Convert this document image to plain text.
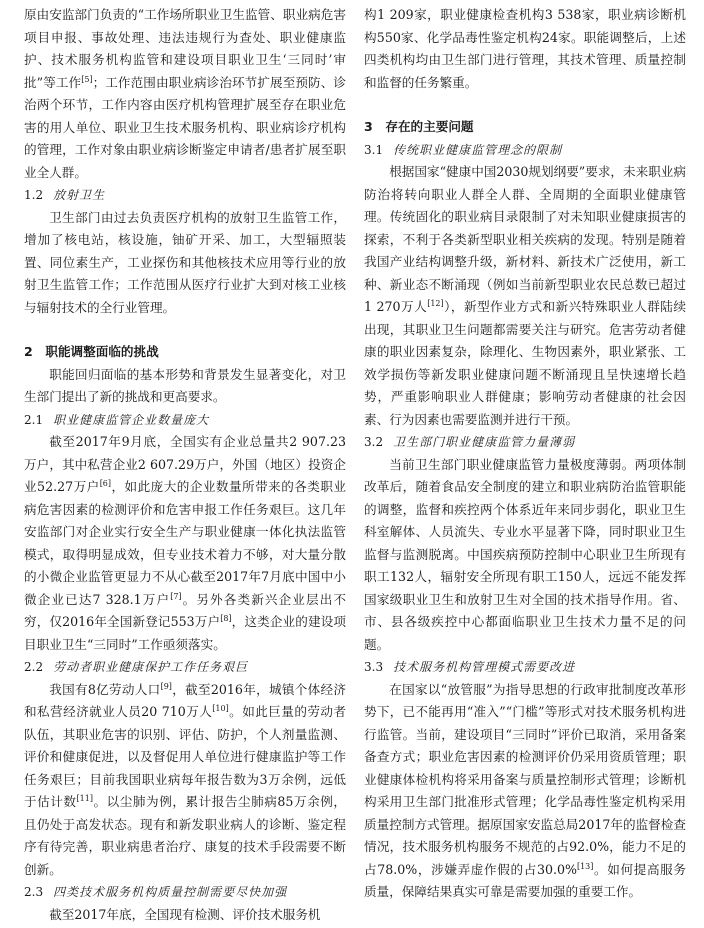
原由安监部门负责的“工作场所职业卫生监管、职业病危害项目申报、事故处理、违法违规行为查处、职业健康监护、技术服务机构监管和建设项目职业卫生‘三同时’审批”等工作[5]；工作范围由职业病诊治环节扩展至预防、诊治两个环节，工作内容由医疗机构管理扩展至存在职业危害的用人单位、职业卫生技术服务机构、职业病诊疗机构的管理，工作对象由职业病诊断鉴定申请者/患者扩展至职业全人群。

1.2 放射卫生

卫生部门由过去负责医疗机构的放射卫生监管工作，增加了核电站，核设施，铀矿开采、加工，大型辐照装置、同位素生产，工业探伤和其他核技术应用等行业的放射卫生监管工作；工作范围从医疗行业扩大到对核工业核与辐射技术的全行业管理。

2　职能调整面临的挑战

职能回归面临的基本形势和背景发生显著变化，对卫生部门提出了新的挑战和更高要求。

2.1 职业健康监管企业数量庞大

截至2017年9月底，全国实有企业总量共2 907.23万户，其中私营企业2 607.29万户，外国（地区）投资企业52.27万户[6]，如此庞大的企业数量所带来的各类职业病危害因素的检测评价和危害申报工作任务艰巨。这几年安监部门对企业实行安全生产与职业健康一体化执法监管模式，取得明显成效，但专业技术着力不够，对大量分散的小微企业监管更显力不从心截至2017年7月底中国中小微企业已达7 328.1万户[7]。另外各类新兴企业层出不穷，仅2016年全国新登记553万户[8]，这类企业的建设项目职业卫生“三同时”工作亟须落实。

2.2 劳动者职业健康保护工作任务艰巨

我国有8亿劳动人口[9]，截至2016年，城镇个体经济和私营经济就业人员20 710万人[10]。如此巨量的劳动者队伍，其职业危害的识别、评估、防护，个人剂量监测、评价和健康促进，以及督促用人单位进行健康监护等工作任务艰巨；目前我国职业病每年报告数为3万余例，远低于估计数[11]。以尘肺为例，累计报告尘肺病85万余例，且仍处于高发状态。现有和新发职业病人的诊断、鉴定程序有待完善，职业病患者治疗、康复的技术手段需要不断创新。

2.3 四类技术服务机构质量控制需要尽快加强

截至2017年底，全国现有检测、评价技术服务机

构1 209家，职业健康检查机构3 538家，职业病诊断机构550家、化学品毒性鉴定机构24家。职能调整后，上述四类机构均由卫生部门进行管理，其技术管理、质量控制和监督的任务繁重。

3　存在的主要问题

3.1 传统职业健康监管理念的限制

根据国家“健康中国2030规划纲要”要求，未来职业病防治将转向职业人群全人群、全周期的全面职业健康管理。传统固化的职业病目录限制了对未知职业健康损害的探索，不利于各类新型职业相关疾病的发现。特别是随着我国产业结构调整升级，新材料、新技术广泛使用，新工种、新业态不断涌现（例如当前新型职业农民总数已超过1 270万人[12]），新型作业方式和新兴特殊职业人群陆续出现，其职业卫生问题都需要关注与研究。危害劳动者健康的职业因素复杂，除理化、生物因素外，职业紧张、工效学损伤等新发职业健康问题不断涌现且呈快速增长趋势，严重影响职业人群健康；影响劳动者健康的社会因素、行为因素也需要监测并进行干预。

3.2 卫生部门职业健康监管力量薄弱

当前卫生部门职业健康监管力量极度薄弱。两项体制改革后，随着食品安全制度的建立和职业病防治监管职能的调整，监督和疾控两个体系近年来同步弱化，职业卫生科室解体、人员流失、专业水平显著下降，同时职业卫生监督与监测脱离。中国疾病预防控制中心职业卫生所现有职工132人，辐射安全所现有职工150人，远远不能发挥国家级职业卫生和放射卫生对全国的技术指导作用。省、市、县各级疾控中心都面临职业卫生技术力量不足的问题。

3.3 技术服务机构管理模式需要改进

在国家以“放管服”为指导思想的行政审批制度改革形势下，已不能再用“准入”“门槛”等形式对技术服务机构进行监管。当前，建设项目“三同时”评价已取消，采用备案备查方式；职业危害因素的检测评价仍采用资质管理；职业健康体检机构将采用备案与质量控制形式管理；诊断机构采用卫生部门批准形式管理；化学品毒性鉴定机构采用质量控制方式管理。据原国家安监总局2017年的监督检查情况，技术服务机构服务不规范的占92.0%，能力不足的占78.0%，涉嫌弄虚作假的占30.0%[13]。如何提高服务质量，保障结果真实可靠是需要加强的重要工作。
